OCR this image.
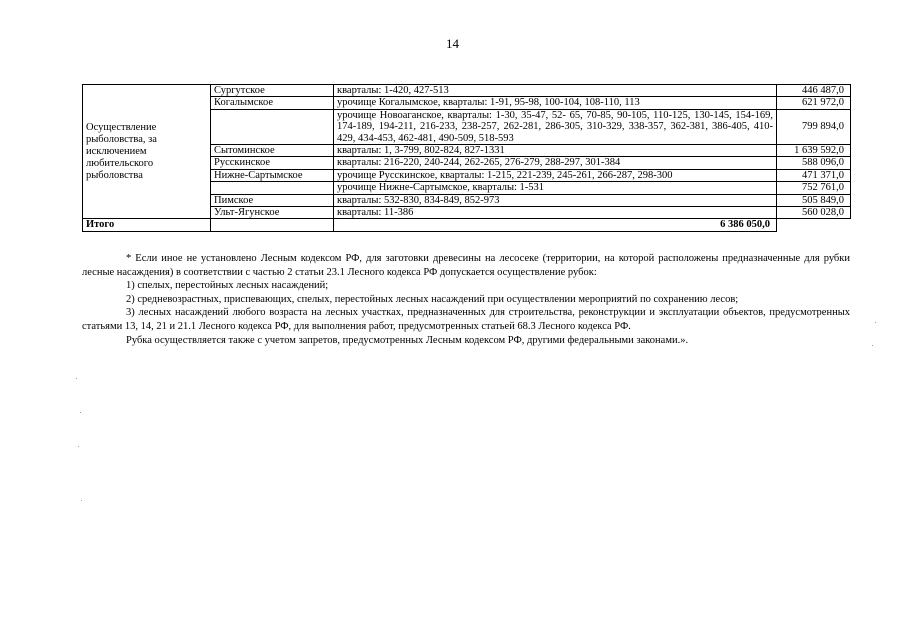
14
Осуществление рыболовства, за исключением любительского рыболовства	Сургутское	кварталы: 1-420, 427-513	446 487,0
	Когалымское	урочище Когалымское, кварталы: 1-91, 95-98, 100-104, 108-110, 113	621 972,0
		урочище Новоаганское, кварталы: 1-30, 35-47, 52- 65, 70-85, 90-105, 110-125, 130-145, 154-169, 174-189, 194-211, 216-233, 238-257, 262-281, 286-305, 310-329, 338-357, 362-381, 386-405, 410-429, 434-453, 462-481, 490-509, 518-593	799 894,0
	Сытоминское	кварталы: 1, 3-799, 802-824, 827-1331	1 639 592,0
	Русскинское	кварталы: 216-220, 240-244, 262-265, 276-279, 288-297, 301-384	588 096,0
	Нижне-Сартымское	урочище Русскинское, кварталы: 1-215, 221-239, 245-261, 266-287, 298-300	471 371,0
		урочище Нижне-Сартымское, кварталы: 1-531	752 761,0
	Пимское	кварталы: 532-830, 834-849, 852-973	505 849,0
	Ульт-Ягунское	кварталы: 11-386	560 028,0
Итого		6 386 050,0	

* Если иное не установлено Лесным кодексом РФ, для заготовки древесины на лесосеке (территории, на которой расположены предназначенные для рубки лесные насаждения) в соответствии с частью 2 статьи 23.1 Лесного кодекса РФ допускается осуществление рубок:

1) спелых, перестойных лесных насаждений;

2) средневозрастных, приспевающих, спелых, перестойных лесных насаждений при осуществлении мероприятий по сохранению лесов;

3) лесных насаждений любого возраста на лесных участках, предназначенных для строительства, реконструкции и эксплуатации объектов, предусмотренных статьями 13, 14, 21 и 21.1 Лесного кодекса РФ, для выполнения работ, предусмотренных статьей 68.3 Лесного кодекса РФ.

Рубка осуществляется также с учетом запретов, предусмотренных Лесным кодексом РФ, другими федеральными законами.».
